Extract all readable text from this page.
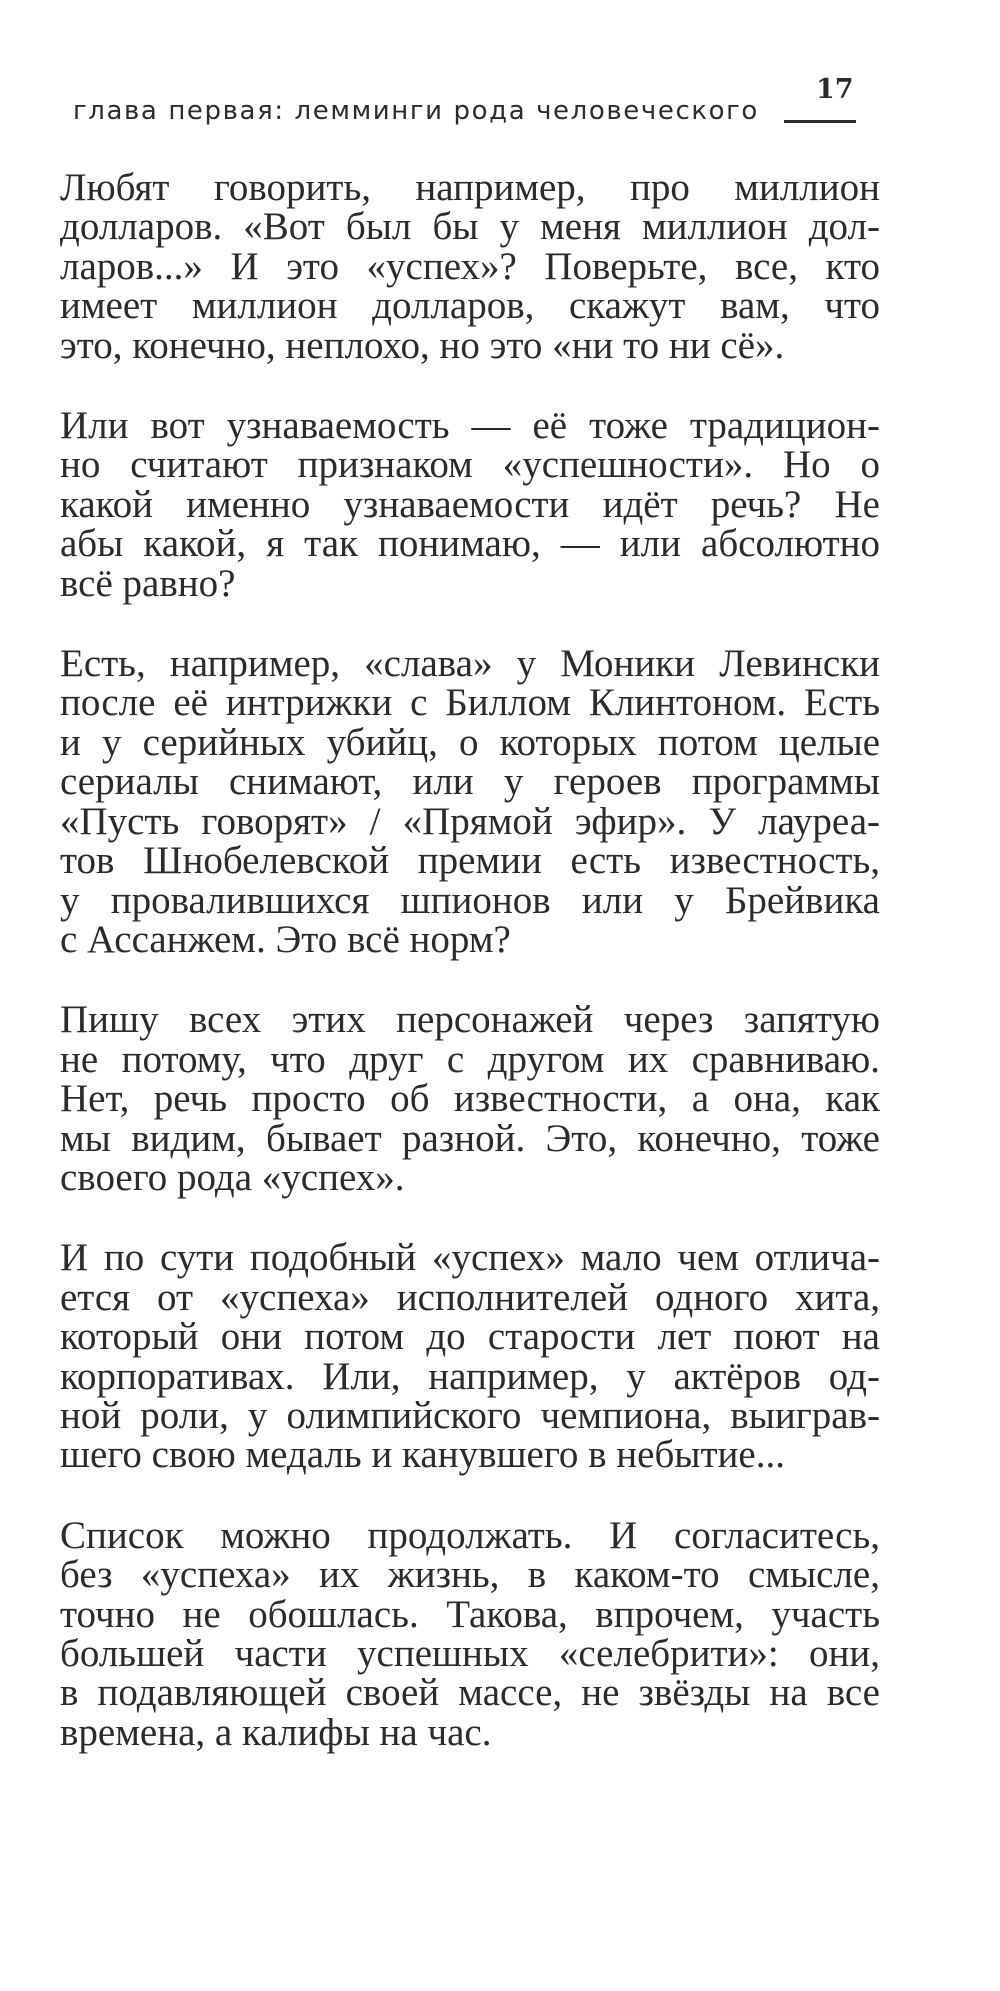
глава первая: лемминги рода человеческого
17

Любят говорить, например, про миллион
долларов. «Вот был бы у меня миллион дол-
ларов...» И это «успех»? Поверьте, все, кто
имеет миллион долларов, скажут вам, что
это, конечно, неплохо, но это «ни то ни сё».

Или вот узнаваемость — её тоже традицион-
но считают признаком «успешности». Но о
какой именно узнаваемости идёт речь? Не
абы какой, я так понимаю, — или абсолютно
всё равно?

Есть, например, «слава» у Моники Левински
после её интрижки с Биллом Клинтоном. Есть
и у серийных убийц, о которых потом целые
сериалы снимают, или у героев программы
«Пусть говорят» / «Прямой эфир». У лауреа-
тов Шнобелевской премии есть известность,
у провалившихся шпионов или у Брейвика
с Ассанжем. Это всё норм?

Пишу всех этих персонажей через запятую
не потому, что друг с другом их сравниваю.
Нет, речь просто об известности, а она, как
мы видим, бывает разной. Это, конечно, тоже
своего рода «успех».

И по сути подобный «успех» мало чем отлича-
ется от «успеха» исполнителей одного хита,
который они потом до старости лет поют на
корпоративах. Или, например, у актёров од-
ной роли, у олимпийского чемпиона, выиграв-
шего свою медаль и канувшего в небытие...

Список можно продолжать. И согласитесь,
без «успеха» их жизнь, в каком-то смысле,
точно не обошлась. Такова, впрочем, участь
большей части успешных «селебрити»: они,
в подавляющей своей массе, не звёзды на все
времена, а калифы на час.
